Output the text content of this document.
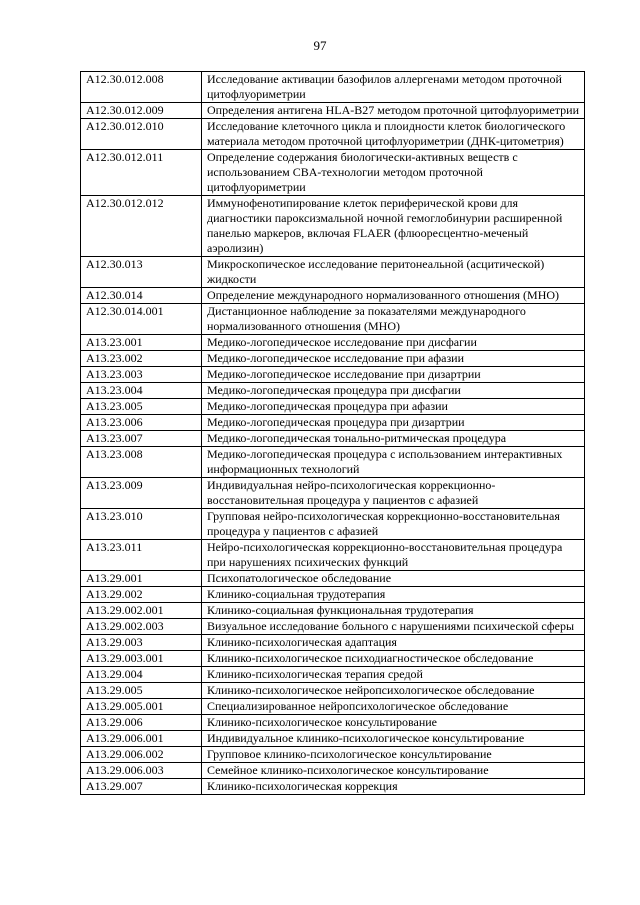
97
A12.30.012.008	Исследование активации базофилов аллергенами методом проточной цитофлуориметрии
A12.30.012.009	Определения антигена HLA-B27 методом проточной цитофлуориметрии
A12.30.012.010	Исследование клеточного цикла и плоидности клеток биологического материала методом проточной цитофлуориметрии (ДНК-цитометрия)
A12.30.012.011	Определение содержания биологически-активных веществ с использованием CBA-технологии методом проточной цитофлуориметрии
A12.30.012.012	Иммунофенотипирование клеток периферической крови для диагностики пароксизмальной ночной гемоглобинурии расширенной панелью маркеров, включая FLAER (флюоресцентно-меченый аэролизин)
A12.30.013	Микроскопическое исследование перитонеальной (асцитической) жидкости
A12.30.014	Определение международного нормализованного отношения (МНО)
A12.30.014.001	Дистанционное наблюдение за показателями международного нормализованного отношения (МНО)
A13.23.001	Медико-логопедическое исследование при дисфагии
A13.23.002	Медико-логопедическое исследование при афазии
A13.23.003	Медико-логопедическое исследование при дизартрии
A13.23.004	Медико-логопедическая процедура при дисфагии
A13.23.005	Медико-логопедическая процедура при афазии
A13.23.006	Медико-логопедическая процедура при дизартрии
A13.23.007	Медико-логопедическая тонально-ритмическая процедура
A13.23.008	Медико-логопедическая процедура с использованием интерактивных информационных технологий
A13.23.009	Индивидуальная нейро-психологическая коррекционно-восстановительная процедура у пациентов с афазией
A13.23.010	Групповая нейро-психологическая коррекционно-восстановительная процедура у пациентов с афазией
A13.23.011	Нейро-психологическая коррекционно-восстановительная процедура при нарушениях психических функций
A13.29.001	Психопатологическое обследование
A13.29.002	Клинико-социальная трудотерапия
A13.29.002.001	Клинико-социальная функциональная трудотерапия
A13.29.002.003	Визуальное исследование больного с нарушениями психической сферы
A13.29.003	Клинико-психологическая адаптация
A13.29.003.001	Клинико-психологическое психодиагностическое обследование
A13.29.004	Клинико-психологическая терапия средой
A13.29.005	Клинико-психологическое нейропсихологическое обследование
A13.29.005.001	Специализированное нейропсихологическое обследование
A13.29.006	Клинико-психологическое консультирование
A13.29.006.001	Индивидуальное клинико-психологическое консультирование
A13.29.006.002	Групповое клинико-психологическое консультирование
A13.29.006.003	Семейное клинико-психологическое консультирование
A13.29.007	Клинико-психологическая коррекция
